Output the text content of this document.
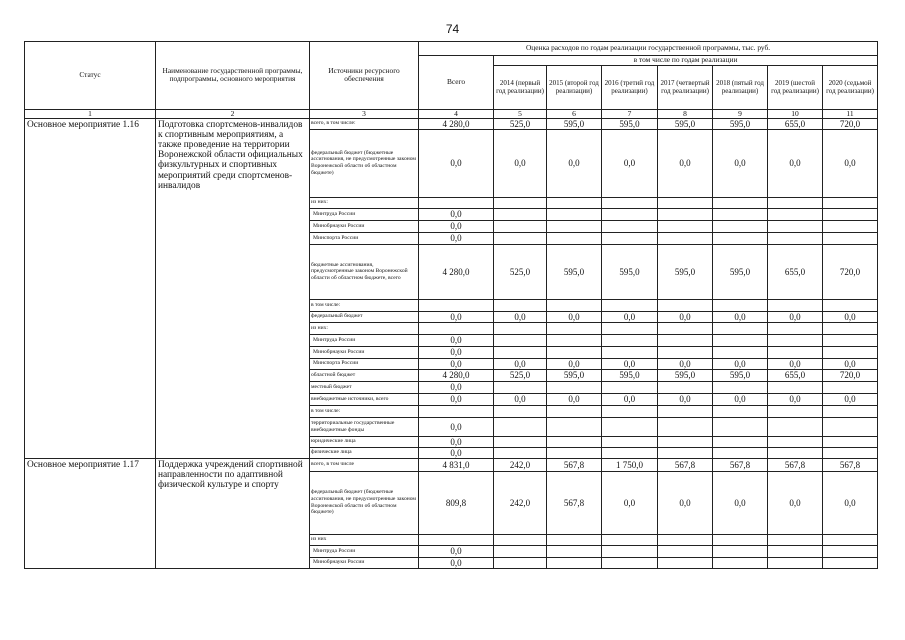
74
Статус	Наименование государственной программы, подпрограммы, основного мероприятия	Источники ресурсного обеспечения	Оценка расходов по годам реализации государственной программы, тыс. руб.							
			Всего	в том числе по годам реализации						
				2014 (первый год реализации)	2015 (второй год реализации)	2016 (третий год реализации)	2017 (четвертый год реализации)	2018 (пятый год реализации)	2019 (шестой год реализации)	2020 (седьмой год реализации)
1	2	3	4	5	6	7	8	9	10	11
Основное мероприятие 1.16	Подготовка спортсменов-инвалидов к спортивным мероприятиям, а также проведение на территории Воронежской области официальных физкультурных и спортивных мероприятий среди спортсменов-инвалидов	всего, в том числе:	4 280,0	525,0	595,0	595,0	595,0	595,0	655,0	720,0
		федеральный бюджет (бюджетные ассигнования, не предусмотренные законом Воронежской области об областном бюджете)	0,0	0,0	0,0	0,0	0,0	0,0	0,0	0,0
		из них:								
		Минтруда России	0,0							
		Минобрнауки России	0,0							
		Минспорта России	0,0							
		бюджетные ассигнования, предусмотренные законом Воронежской области об областном бюджете, всего	4 280,0	525,0	595,0	595,0	595,0	595,0	655,0	720,0
		в том числе:								
		федеральный бюджет	0,0	0,0	0,0	0,0	0,0	0,0	0,0	0,0
		из них:								
		Минтруда России	0,0							
		Минобрнауки России	0,0							
		Минспорта России	0,0	0,0	0,0	0,0	0,0	0,0	0,0	0,0
		областной бюджет	4 280,0	525,0	595,0	595,0	595,0	595,0	655,0	720,0
		местный бюджет	0,0							
		внебюджетные источники, всего	0,0	0,0	0,0	0,0	0,0	0,0	0,0	0,0
		в том числе:								
		территориальные государственные внебюджетные фонды	0,0							
		юридические лица	0,0							
		физические лица	0,0							
Основное мероприятие 1.17	Поддержка учреждений спортивной направленности по адаптивной физической культуре и спорту	всего, в том числе	4 831,0	242,0	567,8	1 750,0	567,8	567,8	567,8	567,8
		федеральный бюджет (бюджетные ассигнования, не предусмотренные законом Воронежской области об областном бюджете)	809,8	242,0	567,8	0,0	0,0	0,0	0,0	0,0
		из них								
		Минтруда России	0,0							
		Минобрнауки России	0,0							
